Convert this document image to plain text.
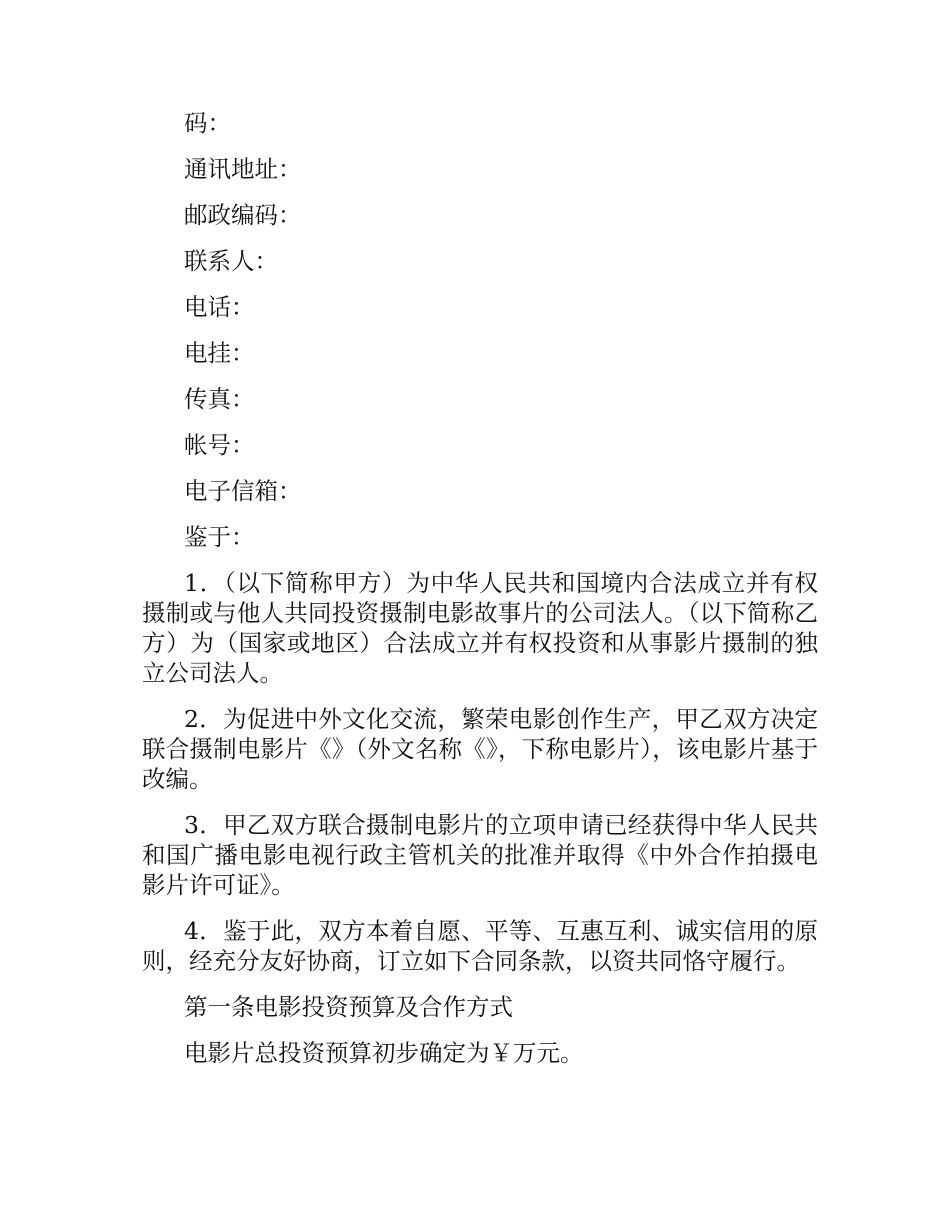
码：

通讯地址：

邮政编码：

联系人：

电话：

电挂：

传真：

帐号：

电子信箱：

鉴于：

1．（以下简称甲方）为中华人民共和国境内合法成立并有权摄制或与他人共同投资摄制电影故事片的公司法人。（以下简称乙方）为（国家或地区）合法成立并有权投资和从事影片摄制的独立公司法人。

2．为促进中外文化交流，繁荣电影创作生产，甲乙双方决定联合摄制电影片《》（外文名称《》，下称电影片），该电影片基于改编。

3．甲乙双方联合摄制电影片的立项申请已经获得中华人民共和国广播电影电视行政主管机关的批准并取得《中外合作拍摄电影片许可证》。

4．鉴于此，双方本着自愿、平等、互惠互利、诚实信用的原则，经充分友好协商，订立如下合同条款，以资共同恪守履行。

第一条电影投资预算及合作方式

电影片总投资预算初步确定为￥万元。
